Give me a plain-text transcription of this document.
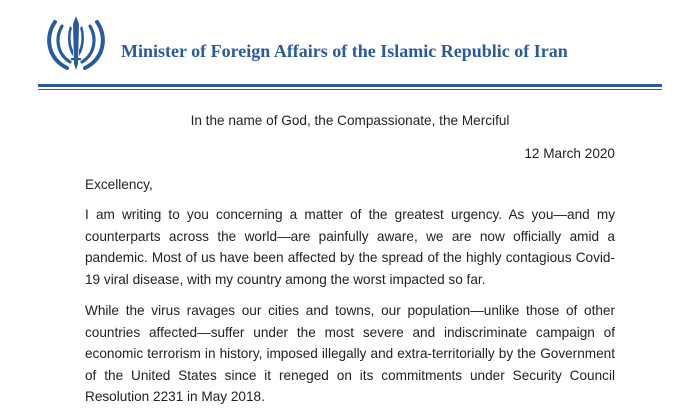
Minister of Foreign Affairs of the Islamic Republic of Iran
In the name of God, the Compassionate, the Merciful
12 March 2020
Excellency,
I am writing to you concerning a matter of the greatest urgency. As you—and my
counterparts across the world—are painfully aware, we are now officially amid a
pandemic. Most of us have been affected by the spread of the highly contagious Covid-
19 viral disease, with my country among the worst impacted so far.
While the virus ravages our cities and towns, our population—unlike those of other
countries affected—suffer under the most severe and indiscriminate campaign of
economic terrorism in history, imposed illegally and extra-territorially by the Government
of the United States since it reneged on its commitments under Security Council
Resolution 2231 in May 2018.
